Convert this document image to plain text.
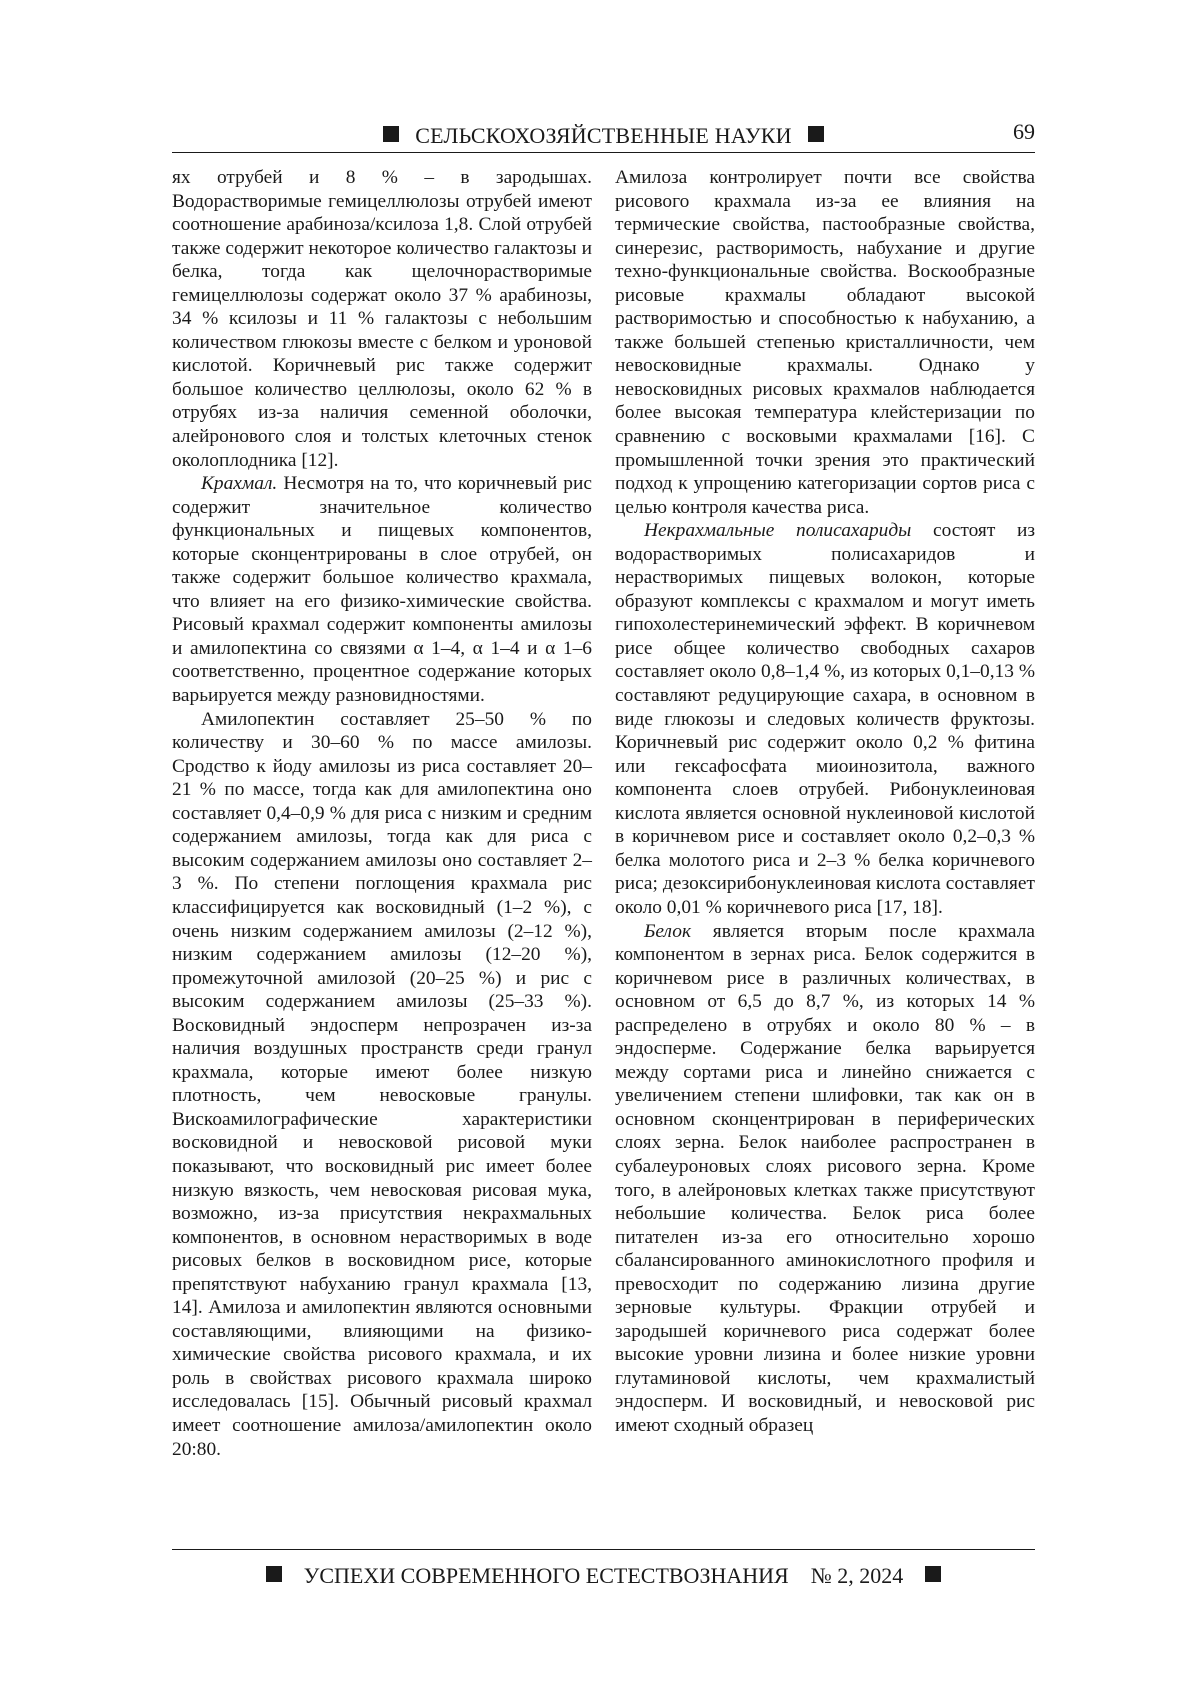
СЕЛЬСКОХОЗЯЙСТВЕННЫЕ НАУКИ	69

ях отрубей и 8 % – в зародышах. Водорастворимые гемицеллюлозы отрубей имеют соотношение арабиноза/ксилоза 1,8. Слой отрубей также содержит некоторое количество галактозы и белка, тогда как щелочнорастворимые гемицеллюлозы содержат около 37 % арабинозы, 34 % ксилозы и 11 % галактозы с небольшим количеством глюкозы вместе с белком и уроновой кислотой. Коричневый рис также содержит большое количество целлюлозы, около 62 % в отрубях из-за наличия семенной оболочки, алейронового слоя и толстых клеточных стенок околоплодника [12].

Крахмал. Несмотря на то, что коричневый рис содержит значительное количество функциональных и пищевых компонентов, которые сконцентрированы в слое отрубей, он также содержит большое количество крахмала, что влияет на его физико-химические свойства. Рисовый крахмал содержит компоненты амилозы и амилопектина со связями α 1–4, α 1–4 и α 1–6 соответственно, процентное содержание которых варьируется между разновидностями.

Амилопектин составляет 25–50 % по количеству и 30–60 % по массе амилозы. Сродство к йоду амилозы из риса составляет 20–21 % по массе, тогда как для амилопектина оно составляет 0,4–0,9 % для риса с низким и средним содержанием амилозы, тогда как для риса с высоким содержанием амилозы оно составляет 2–3 %. По степени поглощения крахмала рис классифицируется как восковидный (1–2 %), с очень низким содержанием амилозы (2–12 %), низким содержанием амилозы (12–20 %), промежуточной амилозой (20–25 %) и рис с высоким содержанием амилозы (25–33 %). Восковидный эндосперм непрозрачен из-за наличия воздушных пространств среди гранул крахмала, которые имеют более низкую плотность, чем невосковые гранулы. Вискоамилографические характеристики восковидной и невосковой рисовой муки показывают, что восковидный рис имеет более низкую вязкость, чем невосковая рисовая мука, возможно, из-за присутствия некрахмальных компонентов, в основном нерастворимых в воде рисовых белков в восковидном рисе, которые препятствуют набуханию гранул крахмала [13, 14]. Амилоза и амилопектин являются основными составляющими, влияющими на физико-химические свойства рисового крахмала, и их роль в свойствах рисового крахмала широко исследовалась [15]. Обычный рисовый крахмал имеет соотношение амилоза/амилопектин около 20:80.

Амилоза контролирует почти все свойства рисового крахмала из-за ее влияния на термические свойства, пастообразные свойства, синерезис, растворимость, набухание и другие техно-функциональные свойства. Воскообразные рисовые крахмалы обладают высокой растворимостью и способностью к набуханию, а также большей степенью кристалличности, чем невосковидные крахмалы. Однако у невосковидных рисовых крахмалов наблюдается более высокая температура клейстеризации по сравнению с восковыми крахмалами [16]. С промышленной точки зрения это практический подход к упрощению категоризации сортов риса с целью контроля качества риса.

Некрахмальные полисахариды состоят из водорастворимых полисахаридов и нерастворимых пищевых волокон, которые образуют комплексы с крахмалом и могут иметь гипохолестеринемический эффект. В коричневом рисе общее количество свободных сахаров составляет около 0,8–1,4 %, из которых 0,1–0,13 % составляют редуцирующие сахара, в основном в виде глюкозы и следовых количеств фруктозы. Коричневый рис содержит около 0,2 % фитина или гексафосфата миоинозитола, важного компонента слоев отрубей. Рибонуклеиновая кислота является основной нуклеиновой кислотой в коричневом рисе и составляет около 0,2–0,3 % белка молотого риса и 2–3 % белка коричневого риса; дезоксирибонуклеиновая кислота составляет около 0,01 % коричневого риса [17, 18].

Белок является вторым после крахмала компонентом в зернах риса. Белок содержится в коричневом рисе в различных количествах, в основном от 6,5 до 8,7 %, из которых 14 % распределено в отрубях и около 80 % – в эндосперме. Содержание белка варьируется между сортами риса и линейно снижается с увеличением степени шлифовки, так как он в основном сконцентрирован в периферических слоях зерна. Белок наиболее распространен в субалеуроновых слоях рисового зерна. Кроме того, в алейроновых клетках также присутствуют небольшие количества. Белок риса более питателен из-за его относительно хорошо сбалансированного аминокислотного профиля и превосходит по содержанию лизина другие зерновые культуры. Фракции отрубей и зародышей коричневого риса содержат более высокие уровни лизина и более низкие уровни глутаминовой кислоты, чем крахмалистый эндосперм. И восковидный, и невосковой рис имеют сходный образец

УСПЕХИ СОВРЕМЕННОГО ЕСТЕСТВОЗНАНИЯ № 2, 2024
